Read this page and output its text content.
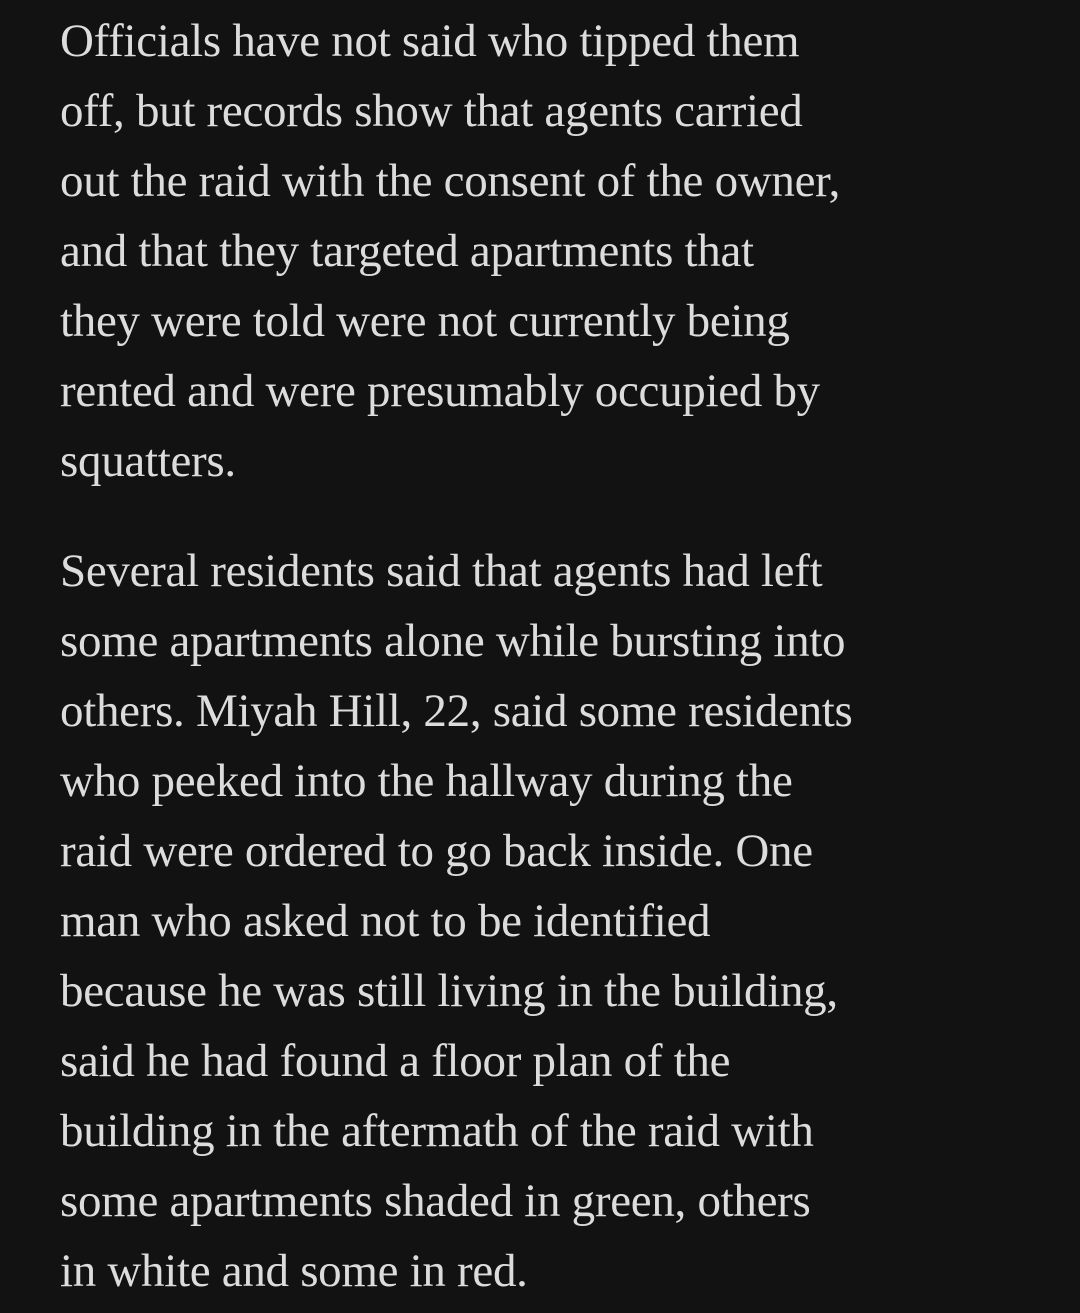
Officials have not said who tipped them
off, but records show that agents carried
out the raid with the consent of the owner,
and that they targeted apartments that
they were told were not currently being
rented and were presumably occupied by
squatters.

Several residents said that agents had left
some apartments alone while bursting into
others. Miyah Hill, 22, said some residents
who peeked into the hallway during the
raid were ordered to go back inside. One
man who asked not to be identified
because he was still living in the building,
said he had found a floor plan of the
building in the aftermath of the raid with
some apartments shaded in green, others
in white and some in red.
